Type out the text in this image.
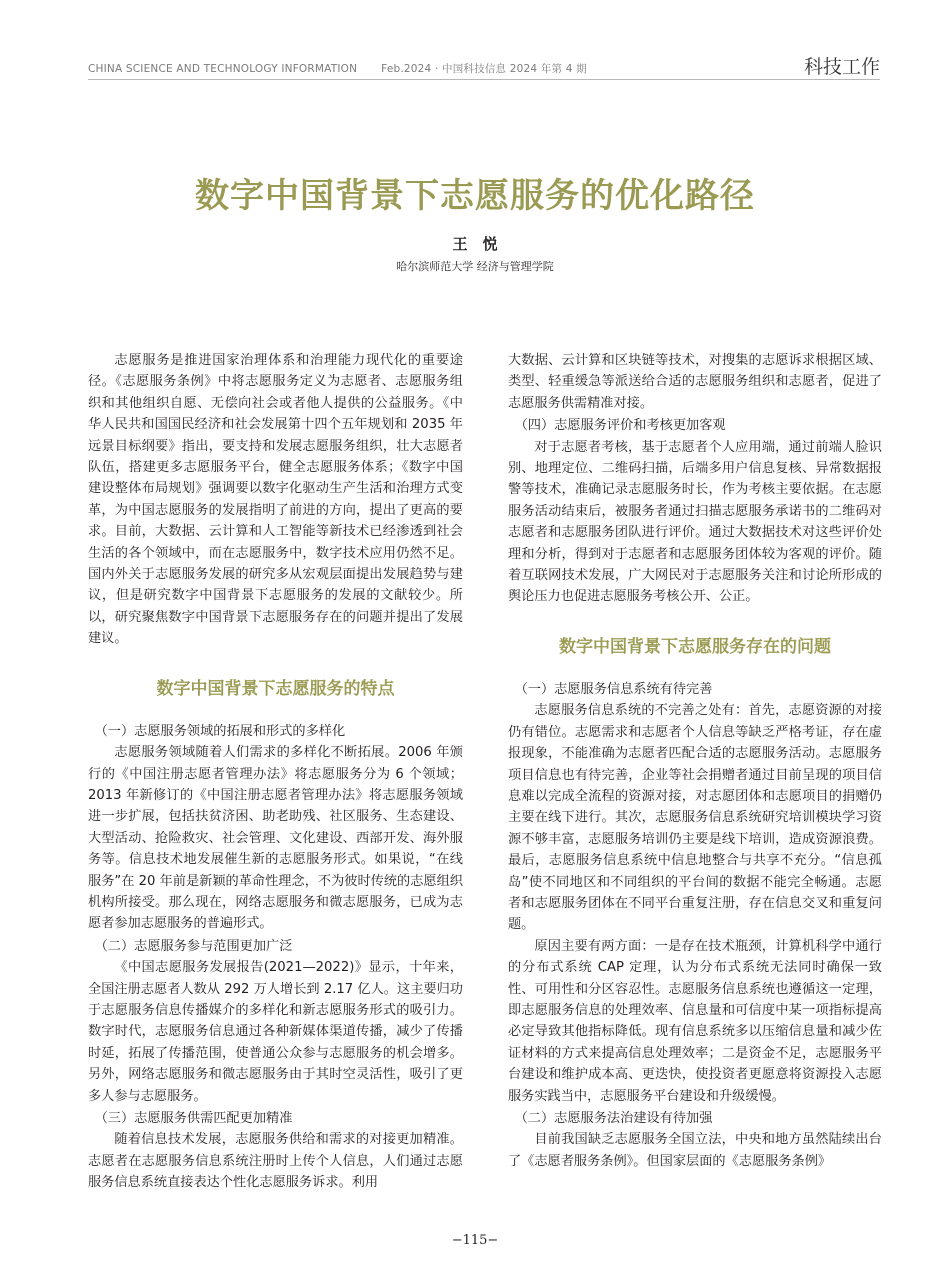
CHINA SCIENCE AND TECHNOLOGY INFORMATION Feb.2024 · 中国科技信息 2024 年第 4 期	科技工作
数字中国背景下志愿服务的优化路径
王　悦
哈尔滨师范大学 经济与管理学院

志愿服务是推进国家治理体系和治理能力现代化的重要途径。《志愿服务条例》中将志愿服务定义为志愿者、志愿服务组织和其他组织自愿、无偿向社会或者他人提供的公益服务。《中华人民共和国国民经济和社会发展第十四个五年规划和 2035 年远景目标纲要》指出，要支持和发展志愿服务组织，壮大志愿者队伍，搭建更多志愿服务平台，健全志愿服务体系；《数字中国建设整体布局规划》强调要以数字化驱动生产生活和治理方式变革，为中国志愿服务的发展指明了前进的方向，提出了更高的要求。目前，大数据、云计算和人工智能等新技术已经渗透到社会生活的各个领域中，而在志愿服务中，数字技术应用仍然不足。国内外关于志愿服务发展的研究多从宏观层面提出发展趋势与建议，但是研究数字中国背景下志愿服务的发展的文献较少。所以，研究聚焦数字中国背景下志愿服务存在的问题并提出了发展建议。

数字中国背景下志愿服务的特点

（一）志愿服务领域的拓展和形式的多样化

志愿服务领域随着人们需求的多样化不断拓展。2006 年颁行的《中国注册志愿者管理办法》将志愿服务分为 6 个领域；2013 年新修订的《中国注册志愿者管理办法》将志愿服务领域进一步扩展，包括扶贫济困、助老助残、社区服务、生态建设、大型活动、抢险救灾、社会管理、文化建设、西部开发、海外服务等。信息技术地发展催生新的志愿服务形式。如果说，“在线服务”在 20 年前是新颖的革命性理念，不为彼时传统的志愿组织机构所接受。那么现在，网络志愿服务和微志愿服务，已成为志愿者参加志愿服务的普遍形式。

（二）志愿服务参与范围更加广泛

《中国志愿服务发展报告(2021—2022)》显示，十年来，全国注册志愿者人数从 292 万人增长到 2.17 亿人。这主要归功于志愿服务信息传播媒介的多样化和新志愿服务形式的吸引力。数字时代，志愿服务信息通过各种新媒体渠道传播，减少了传播时延，拓展了传播范围，使普通公众参与志愿服务的机会增多。另外，网络志愿服务和微志愿服务由于其时空灵活性，吸引了更多人参与志愿服务。

（三）志愿服务供需匹配更加精准

随着信息技术发展，志愿服务供给和需求的对接更加精准。志愿者在志愿服务信息系统注册时上传个人信息，人们通过志愿服务信息系统直接表达个性化志愿服务诉求。利用

大数据、云计算和区块链等技术，对搜集的志愿诉求根据区域、类型、轻重缓急等派送给合适的志愿服务组织和志愿者，促进了志愿服务供需精准对接。

（四）志愿服务评价和考核更加客观

对于志愿者考核，基于志愿者个人应用端，通过前端人脸识别、地理定位、二维码扫描，后端多用户信息复核、异常数据报警等技术，准确记录志愿服务时长，作为考核主要依据。在志愿服务活动结束后，被服务者通过扫描志愿服务承诺书的二维码对志愿者和志愿服务团队进行评价。通过大数据技术对这些评价处理和分析，得到对于志愿者和志愿服务团体较为客观的评价。随着互联网技术发展，广大网民对于志愿服务关注和讨论所形成的舆论压力也促进志愿服务考核公开、公正。

数字中国背景下志愿服务存在的问题

（一）志愿服务信息系统有待完善

志愿服务信息系统的不完善之处有：首先，志愿资源的对接仍有错位。志愿需求和志愿者个人信息等缺乏严格考证，存在虚报现象，不能准确为志愿者匹配合适的志愿服务活动。志愿服务项目信息也有待完善，企业等社会捐赠者通过目前呈现的项目信息难以完成全流程的资源对接，对志愿团体和志愿项目的捐赠仍主要在线下进行。其次，志愿服务信息系统研究培训模块学习资源不够丰富，志愿服务培训仍主要是线下培训，造成资源浪费。最后，志愿服务信息系统中信息地整合与共享不充分。“信息孤岛”使不同地区和不同组织的平台间的数据不能完全畅通。志愿者和志愿服务团体在不同平台重复注册，存在信息交叉和重复问题。

原因主要有两方面：一是存在技术瓶颈，计算机科学中通行的分布式系统 CAP 定理，认为分布式系统无法同时确保一致性、可用性和分区容忍性。志愿服务信息系统也遵循这一定理，即志愿服务信息的处理效率、信息量和可信度中某一项指标提高必定导致其他指标降低。现有信息系统多以压缩信息量和减少佐证材料的方式来提高信息处理效率；二是资金不足，志愿服务平台建设和维护成本高、更迭快，使投资者更愿意将资源投入志愿服务实践当中，志愿服务平台建设和升级缓慢。

（二）志愿服务法治建设有待加强

目前我国缺乏志愿服务全国立法，中央和地方虽然陆续出台了《志愿者服务条例》。但国家层面的《志愿服务条例》

−115−
